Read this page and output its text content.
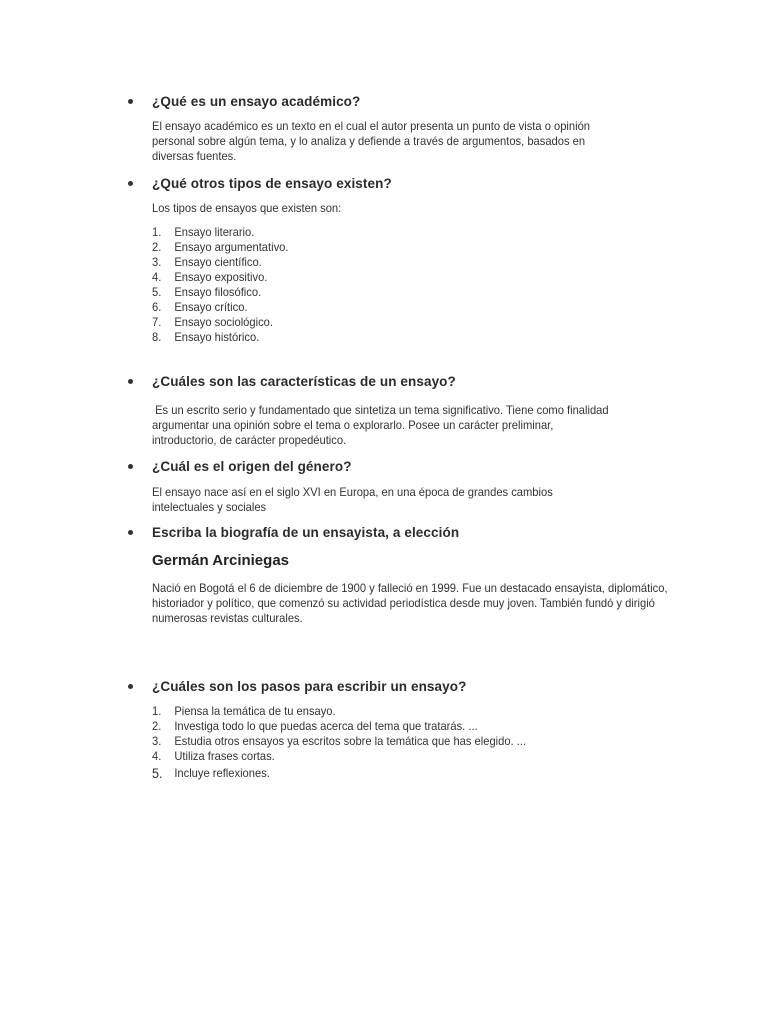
¿Qué es un ensayo académico?
El ensayo académico es un texto en el cual el autor presenta un punto de vista o opinión personal sobre algún tema, y lo analiza y defiende a través de argumentos, basados en diversas fuentes.
¿Qué otros tipos de ensayo existen?
Los tipos de ensayos que existen son:
1.	Ensayo literario.
2.	Ensayo argumentativo.
3.	Ensayo científico.
4.	Ensayo expositivo.
5.	Ensayo filosófico.
6.	Ensayo crítico.
7.	Ensayo sociológico.
8.	Ensayo histórico.
¿Cuáles son las características de un ensayo?
Es un escrito serio y fundamentado que sintetiza un tema significativo. Tiene como finalidad argumentar una opinión sobre el tema o explorarlo. Posee un carácter preliminar, introductorio, de carácter propedéutico.
¿Cuál es el origen del género?
El ensayo nace así en el siglo XVI en Europa, en una época de grandes cambios intelectuales y sociales
Escriba la biografía de un ensayista, a elección
Germán Arciniegas
Nació en Bogotá el 6 de diciembre de 1900 y falleció en 1999. Fue un destacado ensayista, diplomático, historiador y político, que comenzó su actividad periodística desde muy joven. También fundó y dirigió numerosas revistas culturales.
¿Cuáles son los pasos para escribir un ensayo?
1.	Piensa la temática de tu ensayo.
2.	Investiga todo lo que puedas acerca del tema que tratarás. ...
3.	Estudia otros ensayos ya escritos sobre la temática que has elegido. ...
4.	Utiliza frases cortas.
5. Incluye reflexiones.
